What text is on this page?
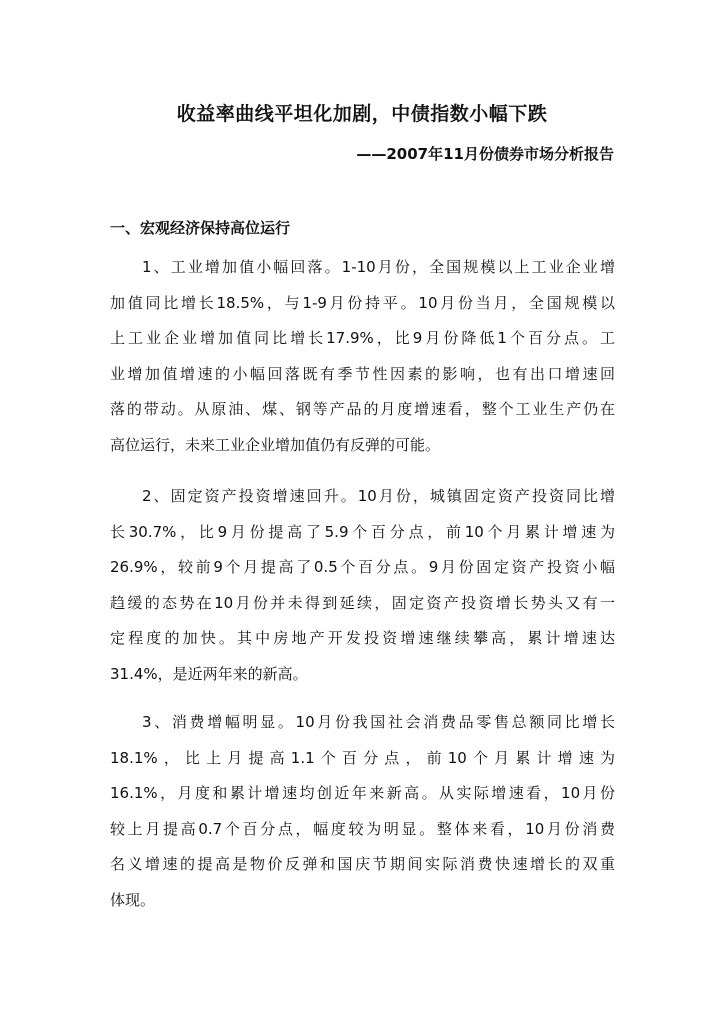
收益率曲线平坦化加剧，中债指数小幅下跌
——2007年11月份债券市场分析报告
一、宏观经济保持高位运行
1、工业增加值小幅回落。1-10月份，全国规模以上工业企业增
加值同比增长18.5%，与1-9月份持平。10月份当月，全国规模以
上工业企业增加值同比增长17.9%，比9月份降低1个百分点。工
业增加值增速的小幅回落既有季节性因素的影响，也有出口增速回
落的带动。从原油、煤、钢等产品的月度增速看，整个工业生产仍在
高位运行，未来工业企业增加值仍有反弹的可能。
2、固定资产投资增速回升。10月份，城镇固定资产投资同比增
长30.7%，比9月份提高了5.9个百分点，前10个月累计增速为
26.9%，较前9个月提高了0.5个百分点。9月份固定资产投资小幅
趋缓的态势在10月份并未得到延续，固定资产投资增长势头又有一
定程度的加快。其中房地产开发投资增速继续攀高，累计增速达
31.4%，是近两年来的新高。
3、消费增幅明显。10月份我国社会消费品零售总额同比增长
18.1%，比上月提高1.1个百分点，前10个月累计增速为
16.1%，月度和累计增速均创近年来新高。从实际增速看，10月份
较上月提高0.7个百分点，幅度较为明显。整体来看，10月份消费
名义增速的提高是物价反弹和国庆节期间实际消费快速增长的双重
体现。
